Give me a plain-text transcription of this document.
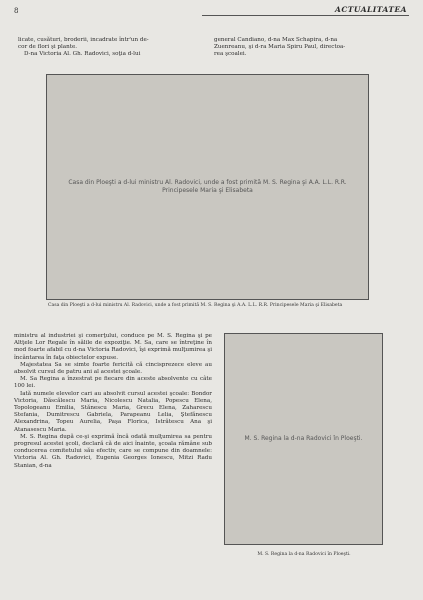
8	ACTUALITATEA
licate, cusături, broderii, incadrate într'un de-
cor de flori şi plante.
D-na Victoria Al. Gh. Radovici, soţia d-lui
general Candiano, d-na Max Schapira, d-na
Zuenreanu, şi d-ra Maria Spiru Paul, directoa-
rea şcoalei.
Casa din Ploeşti a d-lui ministru Al. Radovici, unde a fost primită M. S. Regina şi A.A. L.L. R.R. Principesele Maria şi Elisabeta
Casa din Ploeşti a d-lui ministru Al. Radovici, unde a fost primită M. S. Regina şi A.A. L.L. R.R. Principesele Maria şi Elisabeta

ministru al industriei şi comerţului, conduce pe M. S. Regina şi pe Altţele Lor Regale în sălile de expoziţie. M. Sa, care se întreţine în mod foarte afabil cu d-na Victoria Radovici, îşi exprimă mulţumirea şi încântarea în faţa obiectelor expuse.

Majestatea Sa se simte foarte fericită că cincisprezece eleve au absolvit cursul de patru ani al acestei şcoale.

M. Sa Regina a înzestrat pe fiecare din aceste absolvente cu câte 100 lei.

Iată numele elevelor cari au absolvit cursul acestei şcoale: Bondor Victoria, Dăscălescu Maria, Nicolescu Natalia, Popescu Elena, Topologeanu Emilia, Stănescu Maria, Grecu Elena, Zaharescu Stefania, Dumitrescu Gabriela, Parapeanu Lelia, Ştefănescu Alexandrina, Topeu Aurelia, Paşa Florica, Istrătescu Ana şi Atanasescu Maria.

M. S. Regina după ce-şi exprimă încă odată mulţumirea sa pentru progresul acestei şcoli, declară că de aici înainte, şcoala rămâne sub conducerea comitetului său efectiv, care se compune din doamnele: Victoria Al. Gh. Radovici, Eugenia Georges Ionescu, Mitzi Radu Stanian, d-na

M. S. Regina la d-na Radovici în Ploeşti.
M. S. Regina la d-na Radovici în Ploeşti.
